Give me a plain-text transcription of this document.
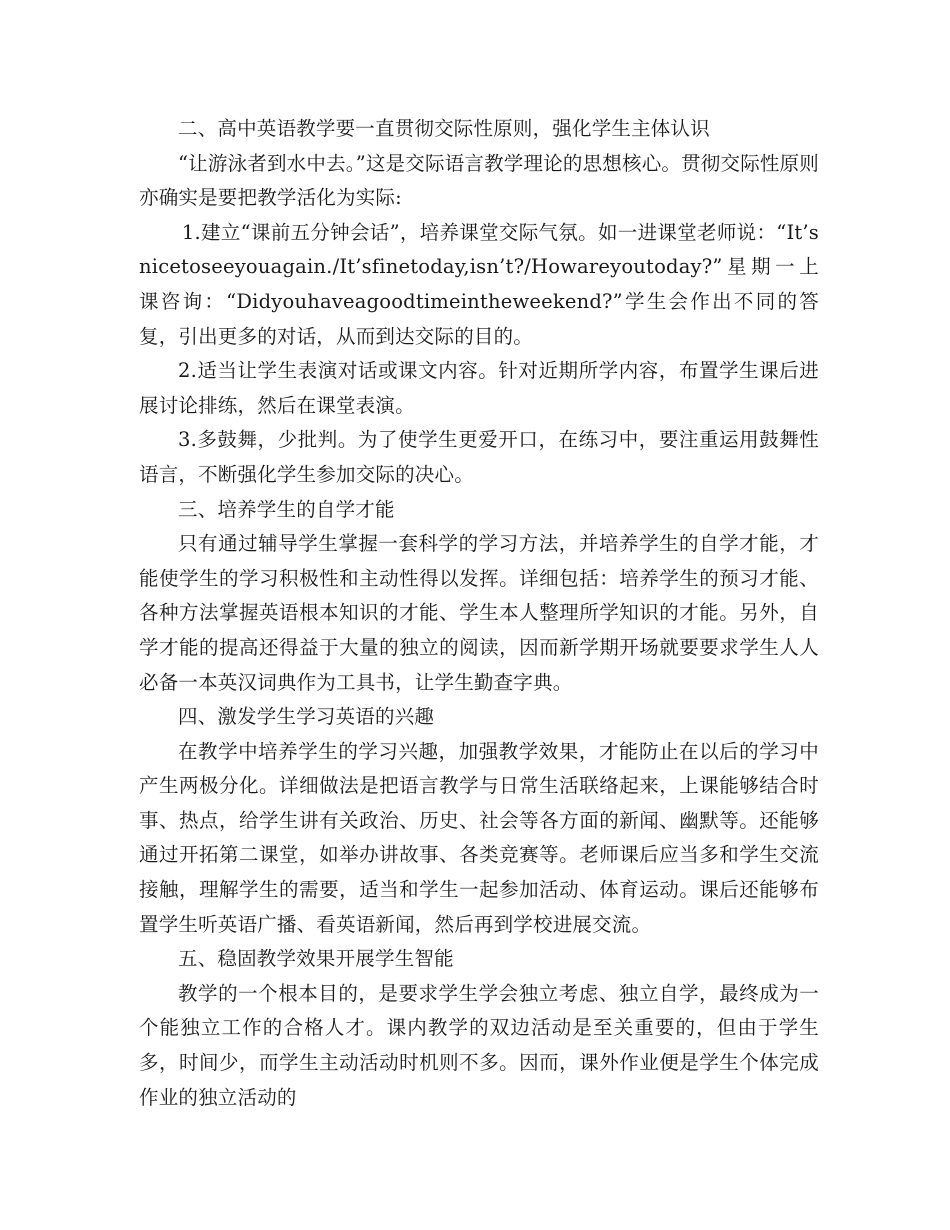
二、高中英语教学要一直贯彻交际性原则，强化学生主体认识

“让游泳者到水中去。”这是交际语言教学理论的思想核心。贯彻交际性原则亦确实是要把教学活化为实际:

1.建立“课前五分钟会话”，培养课堂交际气氛。如一进课堂老师说：“It’snicetoseeyouagain./It’sfinetoday,isn’t?/Howareyoutoday?”星期一上课咨询：“Didyouhaveagoodtimeintheweekend?”学生会作出不同的答复，引出更多的对话，从而到达交际的目的。

2.适当让学生表演对话或课文内容。针对近期所学内容，布置学生课后进展讨论排练，然后在课堂表演。

3.多鼓舞，少批判。为了使学生更爱开口，在练习中，要注重运用鼓舞性语言，不断强化学生参加交际的决心。

三、培养学生的自学才能

只有通过辅导学生掌握一套科学的学习方法，并培养学生的自学才能，才能使学生的学习积极性和主动性得以发挥。详细包括：培养学生的预习才能、各种方法掌握英语根本知识的才能、学生本人整理所学知识的才能。另外，自学才能的提高还得益于大量的独立的阅读，因而新学期开场就要要求学生人人必备一本英汉词典作为工具书，让学生勤查字典。

四、激发学生学习英语的兴趣

在教学中培养学生的学习兴趣，加强教学效果，才能防止在以后的学习中产生两极分化。详细做法是把语言教学与日常生活联络起来，上课能够结合时事、热点，给学生讲有关政治、历史、社会等各方面的新闻、幽默等。还能够通过开拓第二课堂，如举办讲故事、各类竞赛等。老师课后应当多和学生交流接触，理解学生的需要，适当和学生一起参加活动、体育运动。课后还能够布置学生听英语广播、看英语新闻，然后再到学校进展交流。

五、稳固教学效果开展学生智能

教学的一个根本目的，是要求学生学会独立考虑、独立自学，最终成为一个能独立工作的合格人才。课内教学的双边活动是至关重要的，但由于学生多，时间少，而学生主动活动时机则不多。因而，课外作业便是学生个体完成作业的独立活动的
